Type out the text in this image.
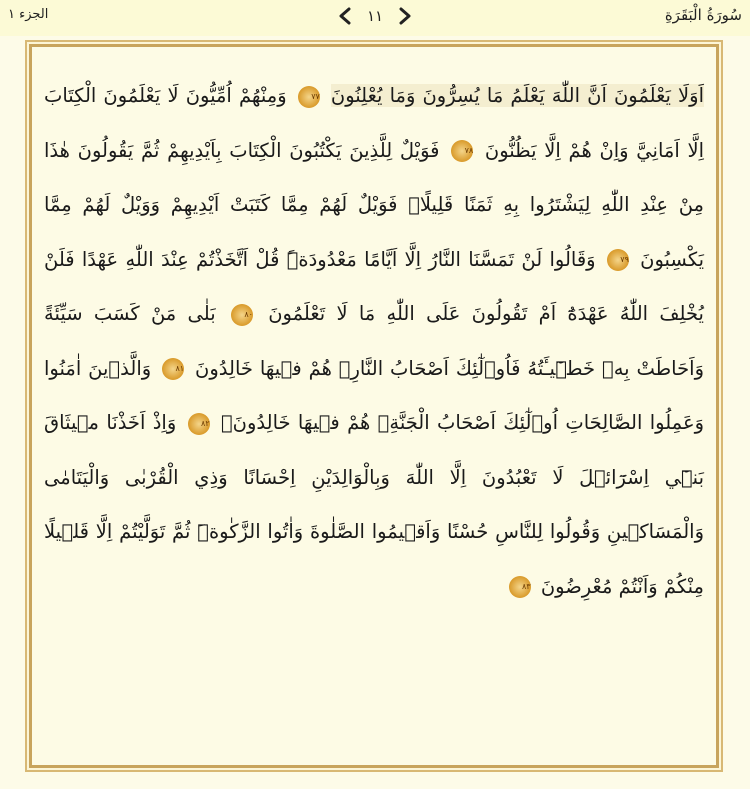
سُورَةُ الْبَقَرَةِ
١١
الجزء ١
اَوَلَا يَعْلَمُونَ اَنَّ اللّٰهَ يَعْلَمُ مَا يُسِرُّونَ وَمَا يُعْلِنُونَ ٧٧ وَمِنْهُمْ اُمِّيُّونَ لَا يَعْلَمُونَ الْكِتَابَ اِلَّا اَمَانِيَّ وَاِنْ هُمْ اِلَّا يَظُنُّونَ ٧٨ فَوَيْلٌ لِلَّذِينَ يَكْتُبُونَ الْكِتَابَ بِاَيْدِيهِمْ ثُمَّ يَقُولُونَ هٰذَا مِنْ عِنْدِ اللّٰهِ لِيَشْتَرُوا بِهِ ثَمَنًا قَلِيلًاۜ فَوَيْلٌ لَهُمْ مِمَّا كَتَبَتْ اَيْدِيهِمْ وَوَيْلٌ لَهُمْ مِمَّا يَكْسِبُونَ ٧٩ وَقَالُوا لَنْ تَمَسَّنَا النَّارُ اِلَّا اَيَّامًا مَعْدُودَةًۜ قُلْ اَتَّخَذْتُمْ عِنْدَ اللّٰهِ عَهْدًا فَلَنْ يُخْلِفَ اللّٰهُ عَهْدَهُٓ اَمْ تَقُولُونَ عَلَى اللّٰهِ مَا لَا تَعْلَمُونَ ٨٠ بَلٰى مَنْ كَسَبَ سَيِّئَةً وَاَحَاطَتْ بِه۪ خَط۪ٓيـَٔتُهُ فَاُو۬لٰٓئِكَ اَصْحَابُ النَّارِۚ هُمْ ف۪يهَا خَالِدُونَ ٨١ وَالَّذ۪ينَ اٰمَنُوا وَعَمِلُوا الصَّالِحَاتِ اُو۬لٰٓئِكَ اَصْحَابُ الْجَنَّةِۚ هُمْ ف۪يهَا خَالِدُونَ۟ ٨٢ وَاِذْ اَخَذْنَا م۪يثَاقَ بَن۪ٓي اِسْرَٓائ۪لَ لَا تَعْبُدُونَ اِلَّا اللّٰهَ وَبِالْوَالِدَيْنِ اِحْسَانًا وَذِي الْقُرْبٰى وَالْيَتَامٰى وَالْمَسَاك۪ينِ وَقُولُوا لِلنَّاسِ حُسْنًا وَاَق۪يمُوا الصَّلٰوةَ وَاٰتُوا الزَّكٰوةَۜ ثُمَّ تَوَلَّيْتُمْ اِلَّا قَل۪يلًا مِنْكُمْ وَاَنْتُمْ مُعْرِضُونَ ٨٣
